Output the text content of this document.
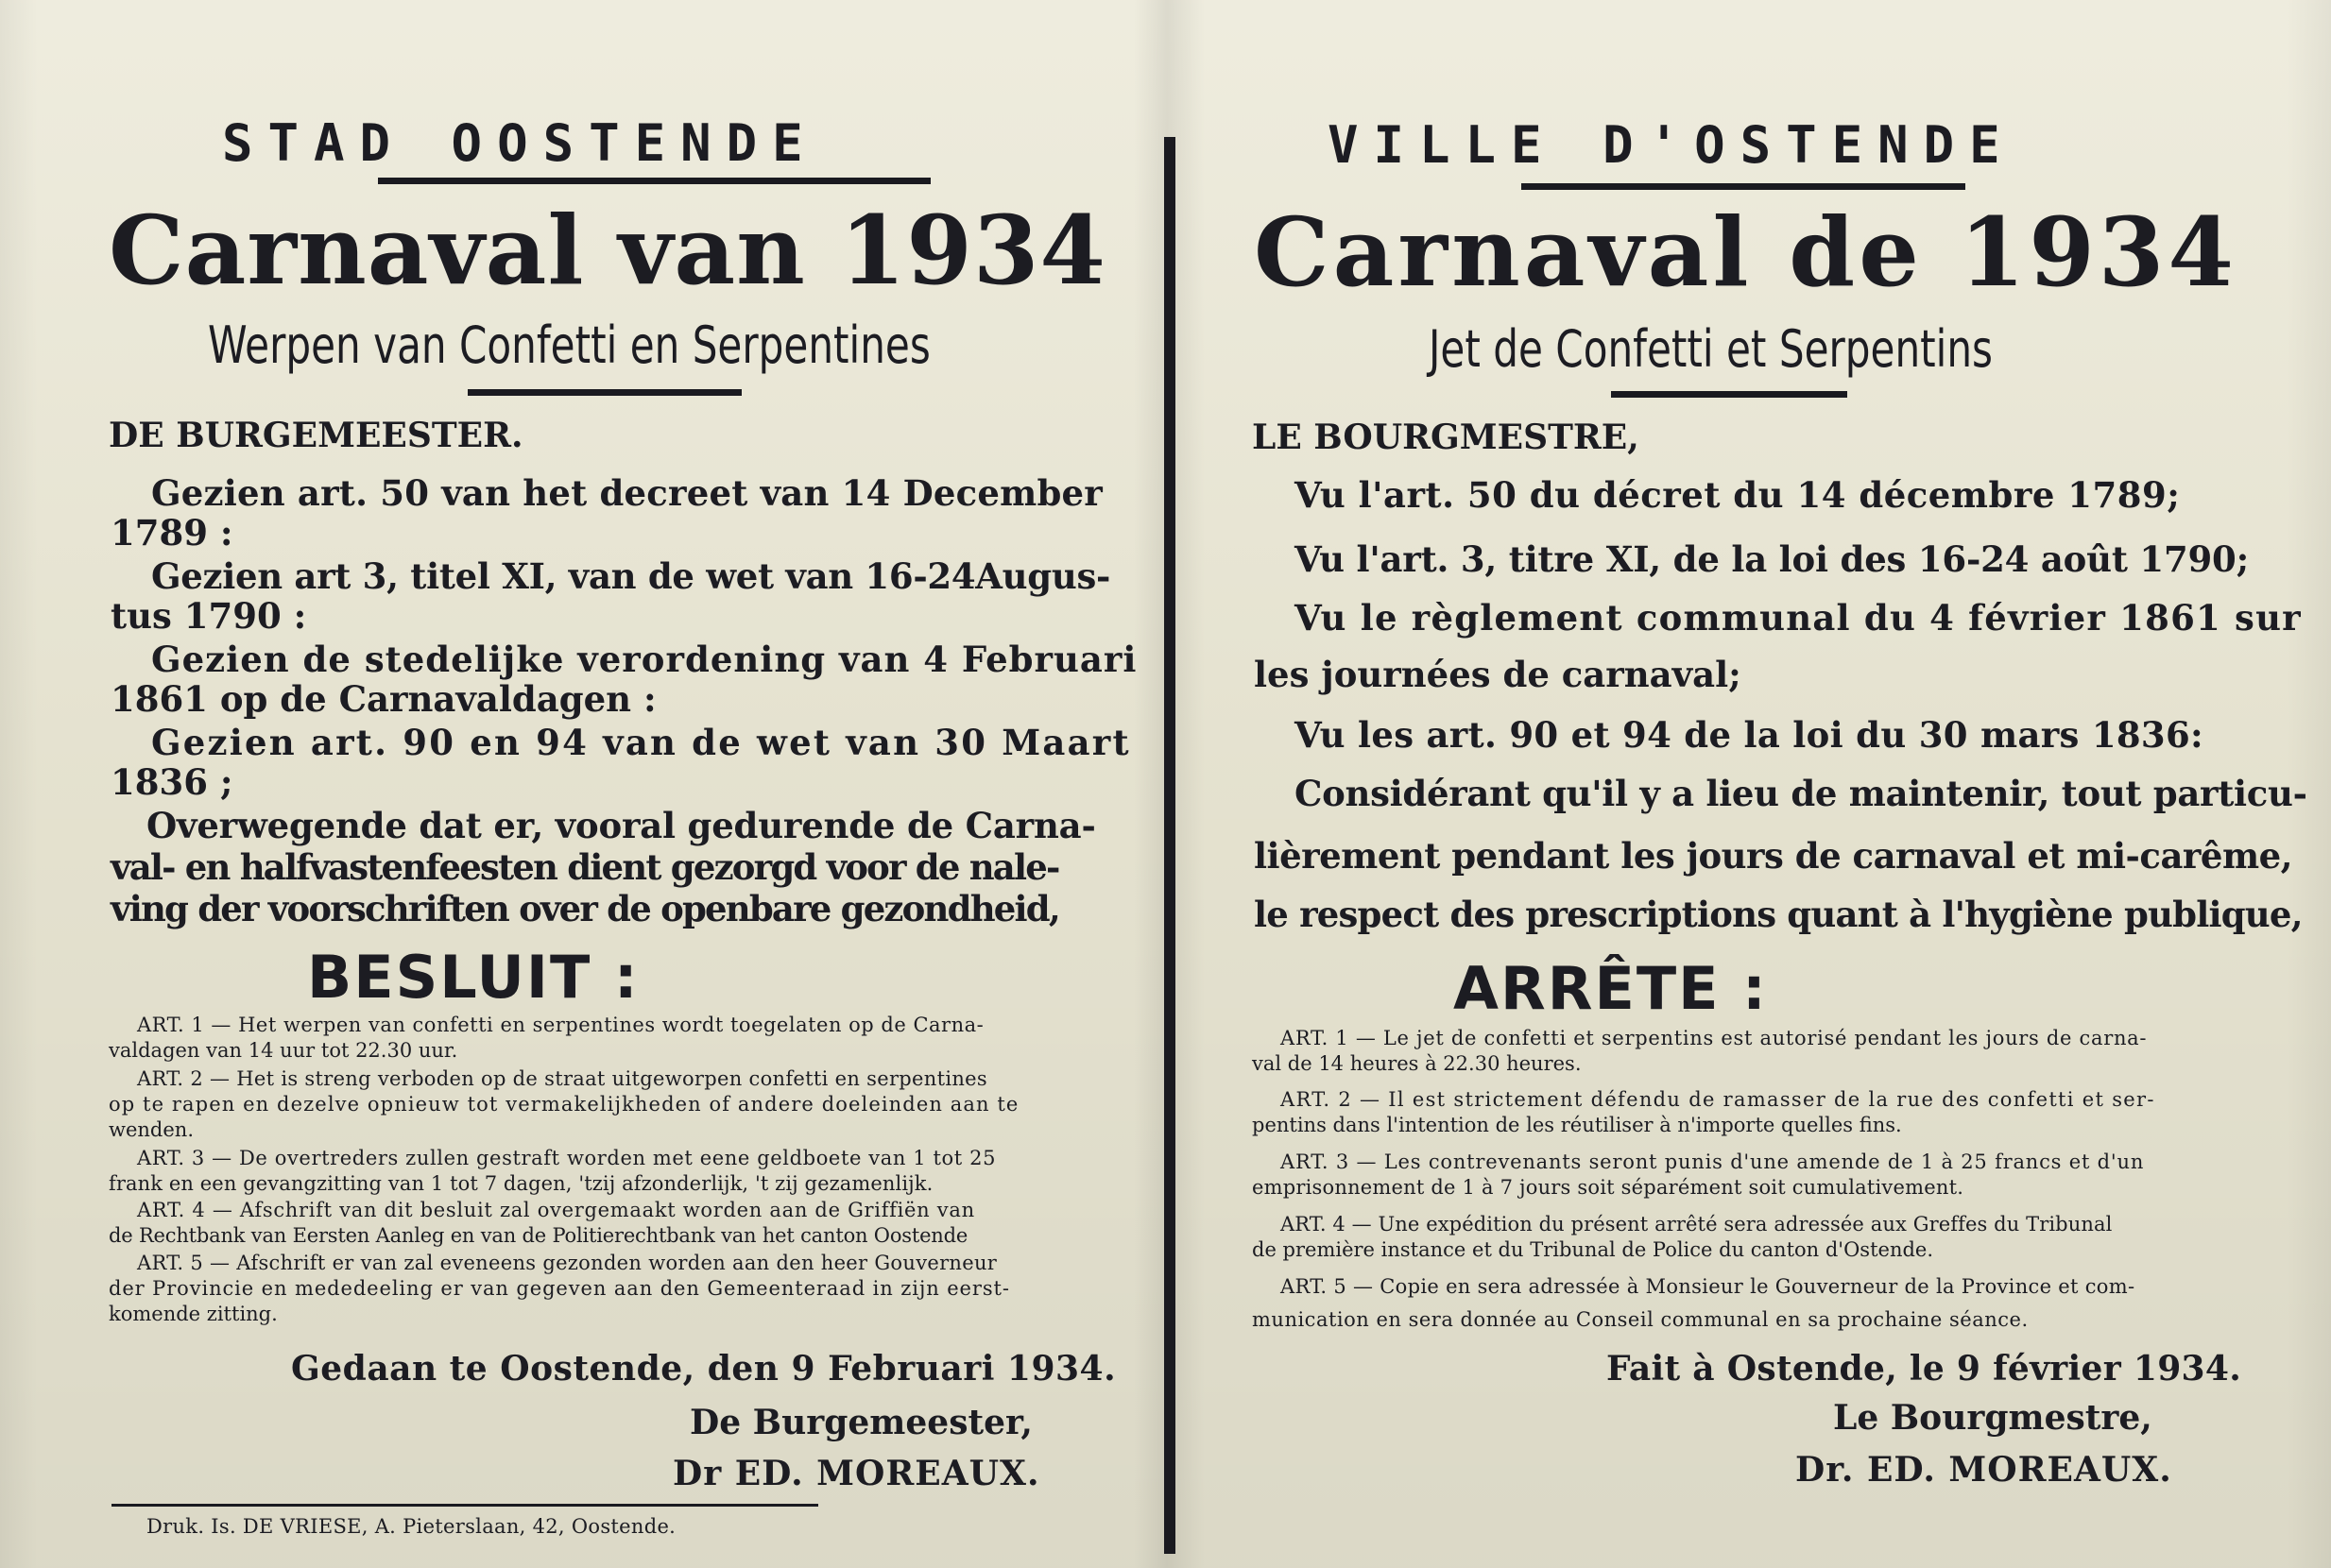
STAD OOSTENDE
Carnaval van 1934
Werpen van Confetti en Serpentines
DE BURGEMEESTER.
Gezien art. 50 van het decreet van 14 December
1789 :
Gezien art 3, titel XI, van de wet van 16-24Augus-
tus 1790 :
Gezien de stedelijke verordening van 4 Februari
1861 op de Carnavaldagen :
Gezien art. 90 en 94 van de wet van 30 Maart
1836 ;
Overwegende dat er, vooral gedurende de Carna-
val- en halfvastenfeesten dient gezorgd voor de nale-
ving der voorschriften over de openbare gezondheid,
BESLUIT :
ART. 1 — Het werpen van confetti en serpentines wordt toegelaten op de Carna-
valdagen van 14 uur tot 22.30 uur.
ART. 2 — Het is streng verboden op de straat uitgeworpen confetti en serpentines
op te rapen en dezelve opnieuw tot vermakelijkheden of andere doeleinden aan te
wenden.
ART. 3 — De overtreders zullen gestraft worden met eene geldboete van 1 tot 25
frank en een gevangzitting van 1 tot 7 dagen, 'tzij afzonderlijk, 't zij gezamenlijk.
ART. 4 — Afschrift van dit besluit zal overgemaakt worden aan de Griffiën van
de Rechtbank van Eersten Aanleg en van de Politierechtbank van het canton Oostende
ART. 5 — Afschrift er van zal eveneens gezonden worden aan den heer Gouverneur
der Provincie en mededeeling er van gegeven aan den Gemeenteraad in zijn eerst-
komende zitting.
Gedaan te Oostende, den 9 Februari 1934.
De Burgemeester,
Dr ED. MOREAUX.
Druk. Is. DE VRIESE, A. Pieterslaan, 42, Oostende.
VILLE D'OSTENDE
Carnaval de 1934
Jet de Confetti et Serpentins
LE BOURGMESTRE,
Vu l'art. 50 du décret du 14 décembre 1789;
Vu l'art. 3, titre XI, de la loi des 16-24 août 1790;
Vu le règlement communal du 4 février 1861 sur
les journées de carnaval;
Vu les art. 90 et 94 de la loi du 30 mars 1836:
Considérant qu'il y a lieu de maintenir, tout particu-
lièrement pendant les jours de carnaval et mi-carême,
le respect des prescriptions quant à l'hygiène publique,
ARRÊTE :
ART. 1 — Le jet de confetti et serpentins est autorisé pendant les jours de carna-
val de 14 heures à 22.30 heures.
ART. 2 — Il est strictement défendu de ramasser de la rue des confetti et ser-
pentins dans l'intention de les réutiliser à n'importe quelles fins.
ART. 3 — Les contrevenants seront punis d'une amende de 1 à 25 francs et d'un
emprisonnement de 1 à 7 jours soit séparément soit cumulativement.
ART. 4 — Une expédition du présent arrêté sera adressée aux Greffes du Tribunal
de première instance et du Tribunal de Police du canton d'Ostende.
ART. 5 — Copie en sera adressée à Monsieur le Gouverneur de la Province et com-
munication en sera donnée au Conseil communal en sa prochaine séance.
Fait à Ostende, le 9 février 1934.
Le Bourgmestre,
Dr. ED. MOREAUX.
